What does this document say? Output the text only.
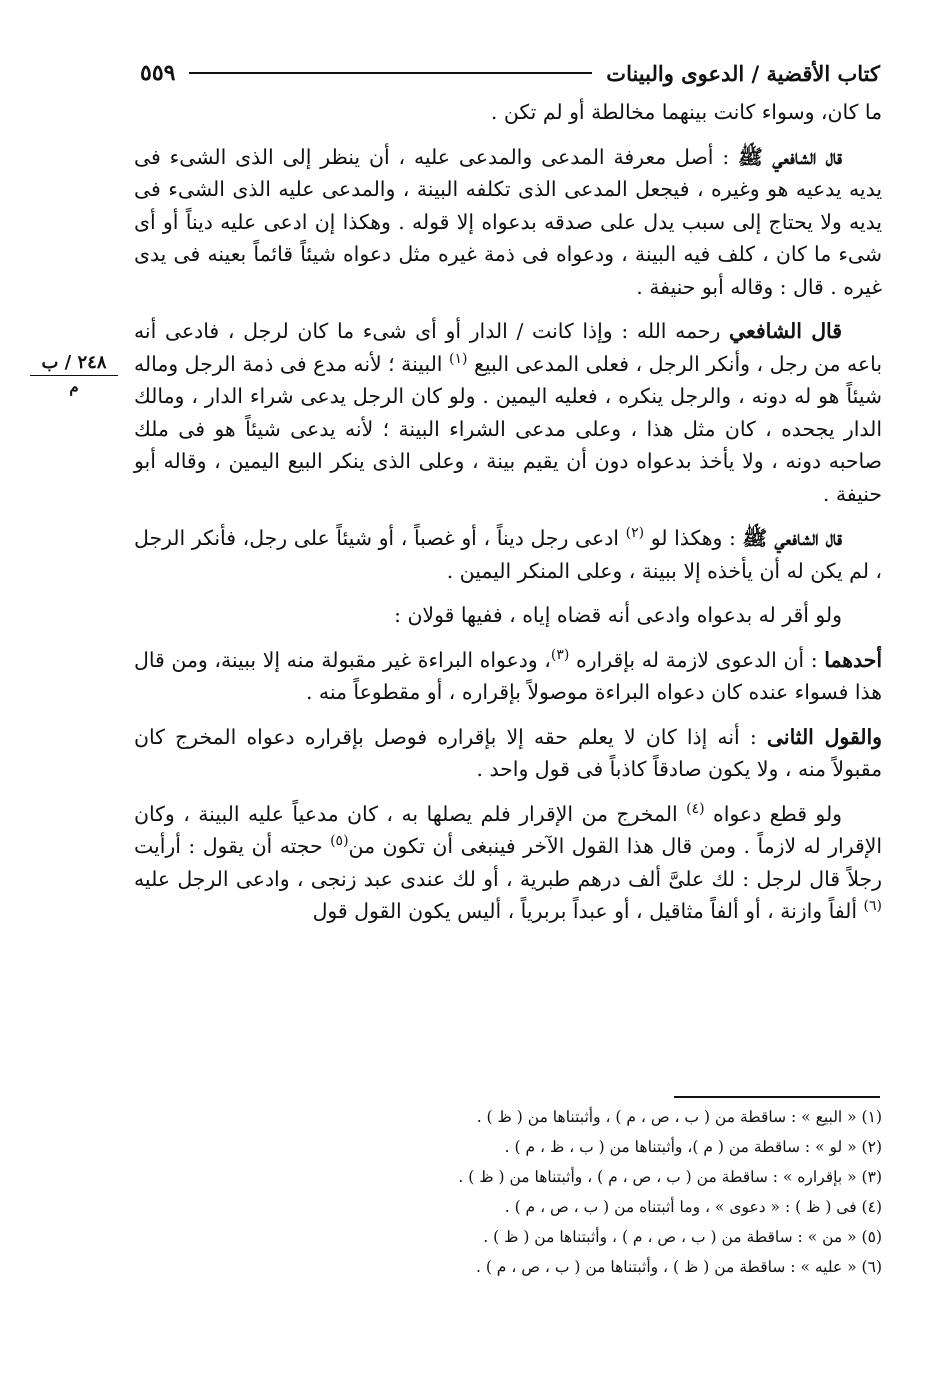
كتاب الأقضية / الدعوى والبينات
٥٥٩
٢٤٨ / ب
م

ما كان، وسواء كانت بينهما مخالطة أو لم تكن .

قال الشافعي ﷺ : أصل معرفة المدعى والمدعى عليه ، أن ينظر إلى الذى الشىء فى يديه يدعيه هو وغيره ، فيجعل المدعى الذى تكلفه البينة ، والمدعى عليه الذى الشىء فى يديه ولا يحتاج إلى سبب يدل على صدقه بدعواه إلا قوله . وهكذا إن ادعى عليه ديناً أو أى شىء ما كان ، كلف فيه البينة ، ودعواه فى ذمة غيره مثل دعواه شيئاً قائماً بعينه فى يدى غيره . قال : وقاله أبو حنيفة .

قال الشافعي رحمه الله : وإذا كانت / الدار أو أى شىء ما كان لرجل ، فادعى أنه باعه من رجل ، وأنكر الرجل ، فعلى المدعى البيع $^{(١)}$ البينة ؛ لأنه مدع فى ذمة الرجل وماله شيئاً هو له دونه ، والرجل ينكره ، فعليه اليمين . ولو كان الرجل يدعى شراء الدار ، ومالك الدار يجحده ، كان مثل هذا ، وعلى مدعى الشراء البينة ؛ لأنه يدعى شيئاً هو فى ملك صاحبه دونه ، ولا يأخذ بدعواه دون أن يقيم بينة ، وعلى الذى ينكر البيع اليمين ، وقاله أبو حنيفة .

قال الشافعي ﷺ : وهكذا لو $^{(٢)}$ ادعى رجل ديناً ، أو غصباً ، أو شيئاً على رجل، فأنكر الرجل ، لم يكن له أن يأخذه إلا ببينة ، وعلى المنكر اليمين .

ولو أقر له بدعواه وادعى أنه قضاه إياه ، ففيها قولان :

أحدهما : أن الدعوى لازمة له بإقراره $^{(٣)}$، ودعواه البراءة غير مقبولة منه إلا ببينة، ومن قال هذا فسواء عنده كان دعواه البراءة موصولاً بإقراره ، أو مقطوعاً منه .

والقول الثانى : أنه إذا كان لا يعلم حقه إلا بإقراره فوصل بإقراره دعواه المخرج كان مقبولاً منه ، ولا يكون صادقاً كاذباً فى قول واحد .

ولو قطع دعواه $^{(٤)}$ المخرج من الإقرار فلم يصلها به ، كان مدعياً عليه البينة ، وكان الإقرار له لازماً . ومن قال هذا القول الآخر فينبغى أن تكون من$^{(٥)}$ حجته أن يقول : أرأيت رجلاً قال لرجل : لك علىَّ ألف درهم طبرية ، أو لك عندى عبد زنجى ، وادعى الرجل عليه $^{(٦)}$ ألفاً وازنة ، أو ألفاً مثاقيل ، أو عبداً بربرياً ، أليس يكون القول قول

(١) « البيع » : ساقطة من ( ب ، ص ، م ) ، وأثبتناها من ( ظ ) .
(٢) « لو » : ساقطة من ( م )، وأثبتناها من ( ب ، ظ ، م ) .
(٣) « بإقراره » : ساقطة من ( ب ، ص ، م ) ، وأثبتناها من ( ظ ) .
(٤) فى ( ظ ) : « دعوى » ، وما أثبتناه من ( ب ، ص ، م ) .
(٥) « من » : ساقطة من ( ب ، ص ، م ) ، وأثبتناها من ( ظ ) .
(٦) « عليه » : ساقطة من ( ظ ) ، وأثبتناها من ( ب ، ص ، م ) .
